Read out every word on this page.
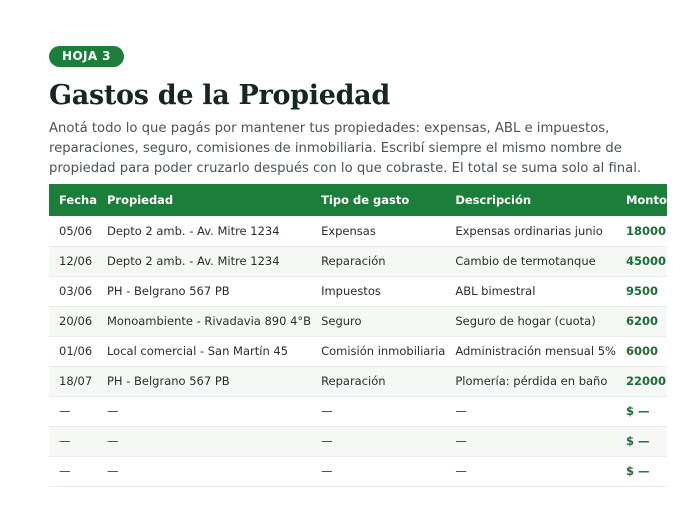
HOJA 3
Gastos de la Propiedad

Anotá todo lo que pagás por mantener tus propiedades: expensas, ABL e impuestos, reparaciones, seguro, comisiones de inmobiliaria. Escribí siempre el mismo nombre de propiedad para poder cruzarlo después con lo que cobraste. El total se suma solo al final.

Fecha	Propiedad	Tipo de gasto	Descripción	Monto
05/06	Depto 2 amb. - Av. Mitre 1234	Expensas	Expensas ordinarias junio	18000
12/06	Depto 2 amb. - Av. Mitre 1234	Reparación	Cambio de termotanque	45000
03/06	PH - Belgrano 567 PB	Impuestos	ABL bimestral	9500
20/06	Monoambiente - Rivadavia 890 4°B	Seguro	Seguro de hogar (cuota)	6200
01/06	Local comercial - San Martín 45	Comisión inmobiliaria	Administración mensual 5%	6000
18/07	PH - Belgrano 567 PB	Reparación	Plomería: pérdida en baño	22000
—	—	—	—	$ —
—	—	—	—	$ —
—	—	—	—	$ —
